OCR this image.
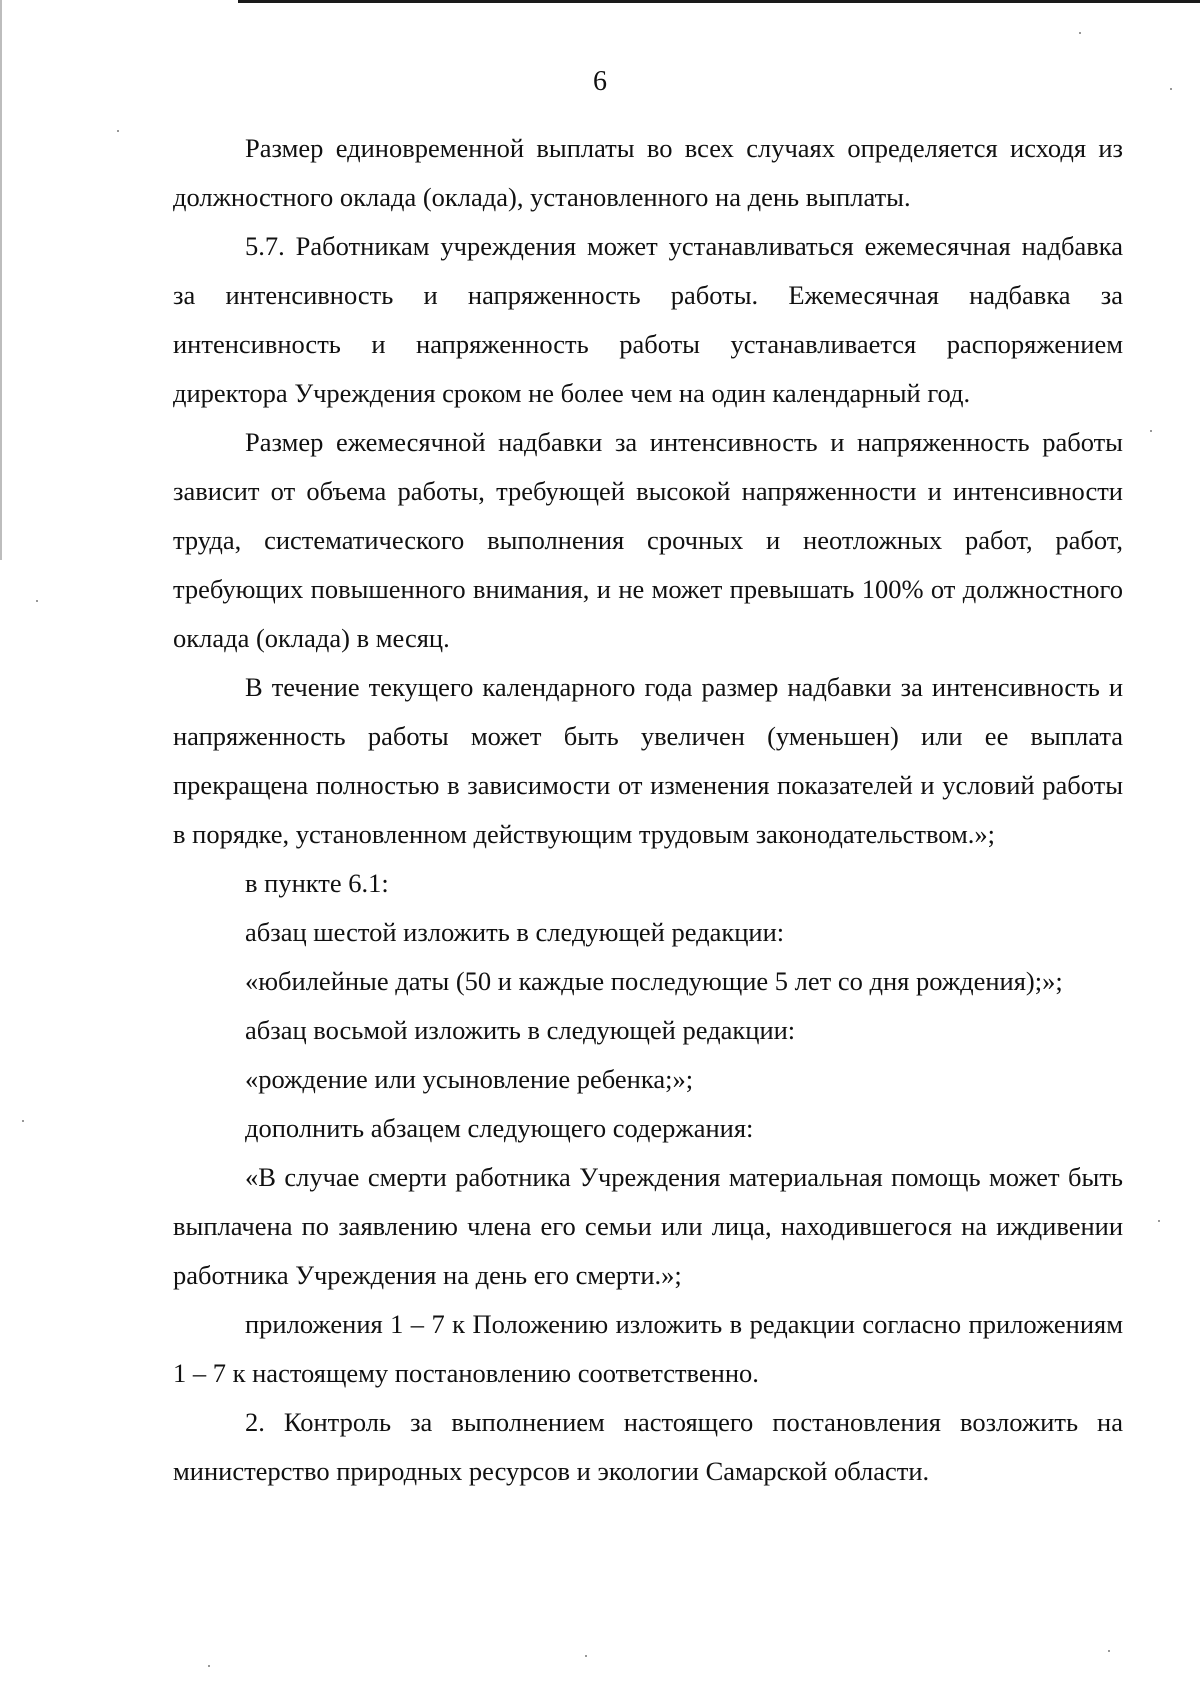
6

Размер единовременной выплаты во всех случаях определяется исходя из должностного оклада (оклада), установленного на день выплаты.

5.7. Работникам учреждения может устанавливаться ежемесячная надбавка за интенсивность и напряженность работы. Ежемесячная надбавка за интенсивность и напряженность работы устанавливается распоряжением директора Учреждения сроком не более чем на один календарный год.

Размер ежемесячной надбавки за интенсивность и напряженность работы зависит от объема работы, требующей высокой напряженности и интенсивности труда, систематического выполнения срочных и неотложных работ, работ, требующих повышенного внимания, и не может превышать 100% от должностного оклада (оклада) в месяц.

В течение текущего календарного года размер надбавки за интенсивность и напряженность работы может быть увеличен (уменьшен) или ее выплата прекращена полностью в зависимости от изменения показателей и условий работы в порядке, установленном действующим трудовым законодательством.»;

в пункте 6.1:

абзац шестой изложить в следующей редакции:

«юбилейные даты (50 и каждые последующие 5 лет со дня рождения);»;

абзац восьмой изложить в следующей редакции:

«рождение или усыновление ребенка;»;

дополнить абзацем следующего содержания:

«В случае смерти работника Учреждения материальная помощь может быть выплачена по заявлению члена его семьи или лица, находившегося на иждивении работника Учреждения на день его смерти.»;

приложения 1 – 7 к Положению изложить в редакции согласно приложениям 1 – 7 к настоящему постановлению соответственно.

2. Контроль за выполнением настоящего постановления возложить на министерство природных ресурсов и экологии Самарской области.
